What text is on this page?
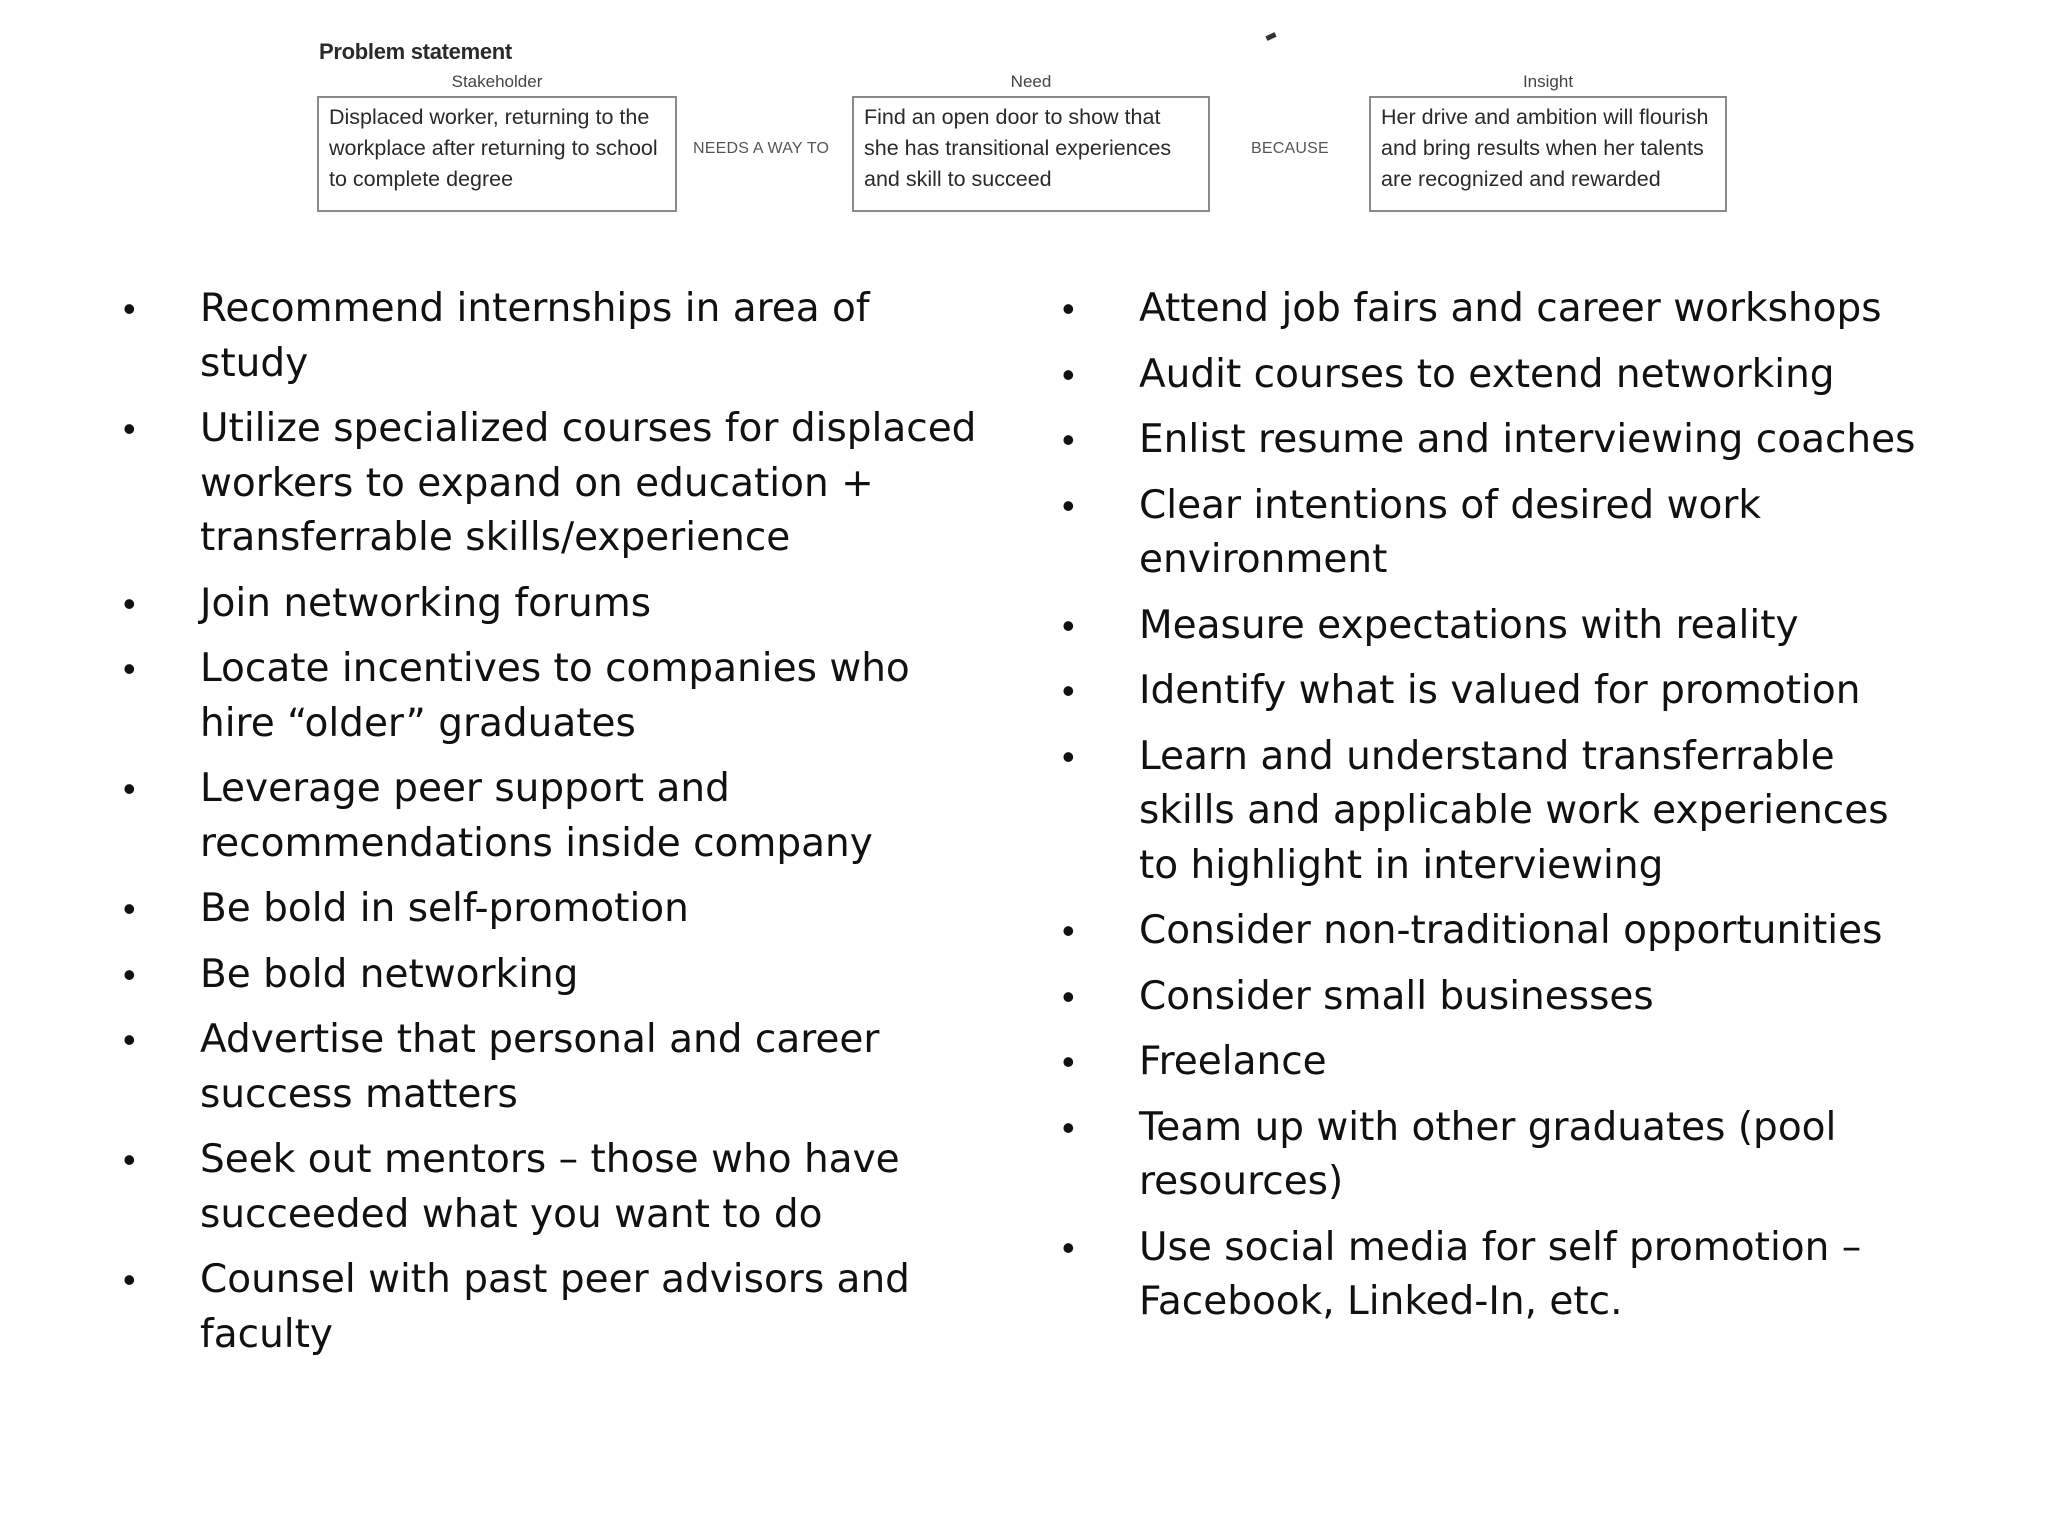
Problem statement
Stakeholder
Displaced worker, returning to the
workplace after returning to school
to complete degree
NEEDS A WAY TO
Need
Find an open door to show that
she has transitional experiences
and skill to succeed
BECAUSE
Insight
Her drive and ambition will flourish
and bring results when her talents
are recognized and rewarded
• Recommend internships in area of study
• Utilize specialized courses for displaced workers to expand on education + transferrable skills/experience
• Join networking forums
• Locate incentives to companies who hire “older” graduates
• Leverage peer support and recommendations inside company
• Be bold in self-promotion
• Be bold networking
• Advertise that personal and career success matters
• Seek out mentors – those who have succeeded what you want to do
• Counsel with past peer advisors and faculty
• Attend job fairs and career workshops
• Audit courses to extend networking
• Enlist resume and interviewing coaches
• Clear intentions of desired work environment
• Measure expectations with reality
• Identify what is valued for promotion
• Learn and understand transferrable skills and applicable work experiences to highlight in interviewing
• Consider non-traditional opportunities
• Consider small businesses
• Freelance
• Team up with other graduates (pool resources)
• Use social media for self promotion – Facebook, Linked-In, etc.
